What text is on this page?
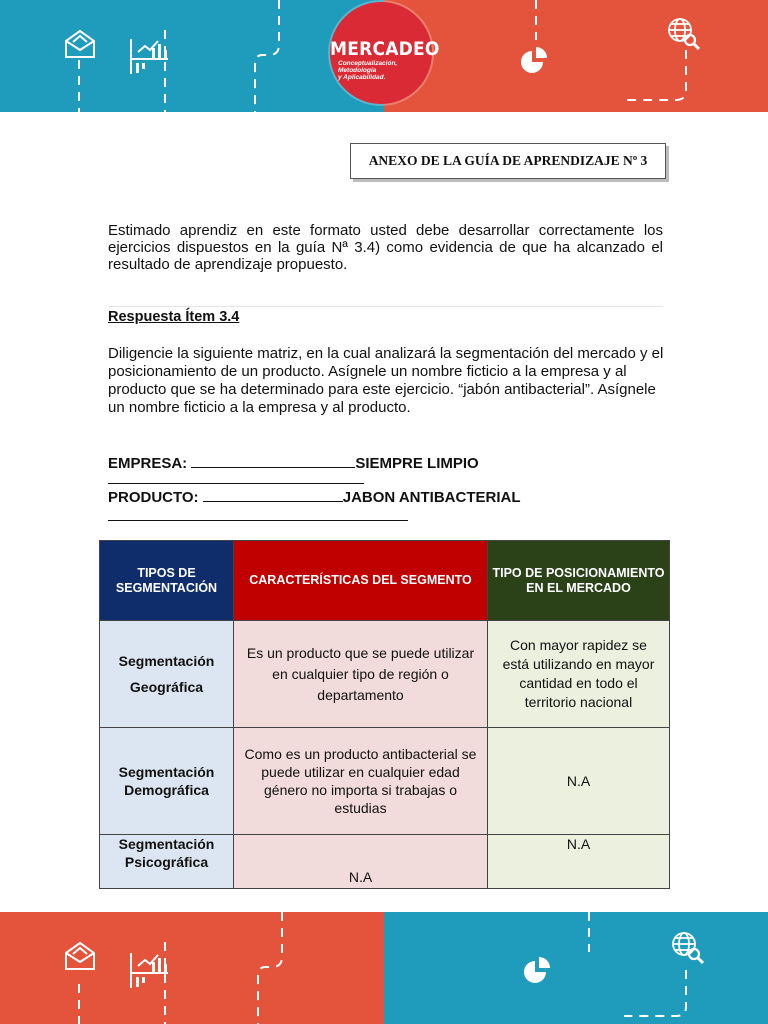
MERCADEO
Conceptualización,
Metodología
y Aplicabilidad.
ANEXO DE LA GUÍA DE APRENDIZAJE Nº 3

Estimado aprendiz en este formato usted debe desarrollar correctamente los ejercicios dispuestos en la guía Nª 3.4) como evidencia de que ha alcanzado el resultado de aprendizaje propuesto.

Respuesta Ítem 3.4

Diligencie la siguiente matriz, en la cual analizará la segmentación del mercado y el posicionamiento de un producto. Asígnele un nombre ficticio a la empresa y al producto que se ha determinado para este ejercicio. “jabón antibacterial”. Asígnele un nombre ficticio a la empresa y al producto.

EMPRESA:	SIEMPRE LIMPIO
PRODUCTO:	JABON ANTIBACTERIAL
TIPOS DE SEGMENTACIÓN	CARACTERÍSTICAS DEL SEGMENTO	TIPO DE POSICIONAMIENTO EN EL MERCADO
Segmentación Geográfica	Es un producto que se puede utilizar en cualquier tipo de región o departamento	Con mayor rapidez se está utilizando en mayor cantidad en todo el territorio nacional
Segmentación Demográfica	Como es un producto antibacterial se puede utilizar en cualquier edad género no importa si trabajas o estudias	N.A
Segmentación Psicográfica	N.A	N.A
